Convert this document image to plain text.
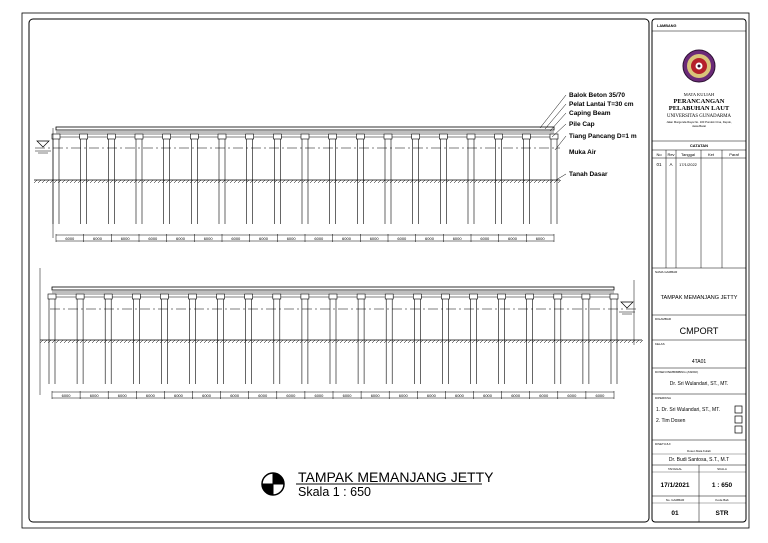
6000	6000	6000	6000	6000	6000	6000	6000	6000	6000	6000	6000	6000	6000	6000	6000	6000	6000
6000	6000	6000	6000	6000	6000	6000	6000	6000	6000	6000	6000	6000	6000	6000	6000	6000	6000	6000	6000
Balok Beton 35/70
Pelat Lantai T=30 cm
Caping Beam
Pile Cap
Tiang Pancang D=1 m
Muka Air
Tanah Dasar
TAMPAK MEMANJANG JETTY
Skala 1 : 650
LAMBANG
MATA KULIAH
PERANCANGAN
PELABUHAN LAUT
UNIVERSITAS GUNADARMA
Jalan Margonda Raya No. 100 Pondok Cina, Depok,
Jawa Barat
CATATAN
No Rev Tanggal	Ket	Paraf
01 A 17/1/2022
NAMA GAMBAR
TAMPAK MEMANJANG JETTY
DIGAMBAR
CMPORT
KELAS
4TA01
DOSEN PEMBIMBING (ASPAK)
Dr. Sri Wulandari, ST., MT.
DIPERIKSA
1. Dr. Sri Wulandari, ST., MT.
2. Tim Dosen
DISETUJUI
Dosen Mata Kuliah
Dr. Budi Santosa, S.T., M.T
TANGGAL	SKALA
17/1/2021	1 : 650
No. GAMBAR	Kode Bab
01	STR
